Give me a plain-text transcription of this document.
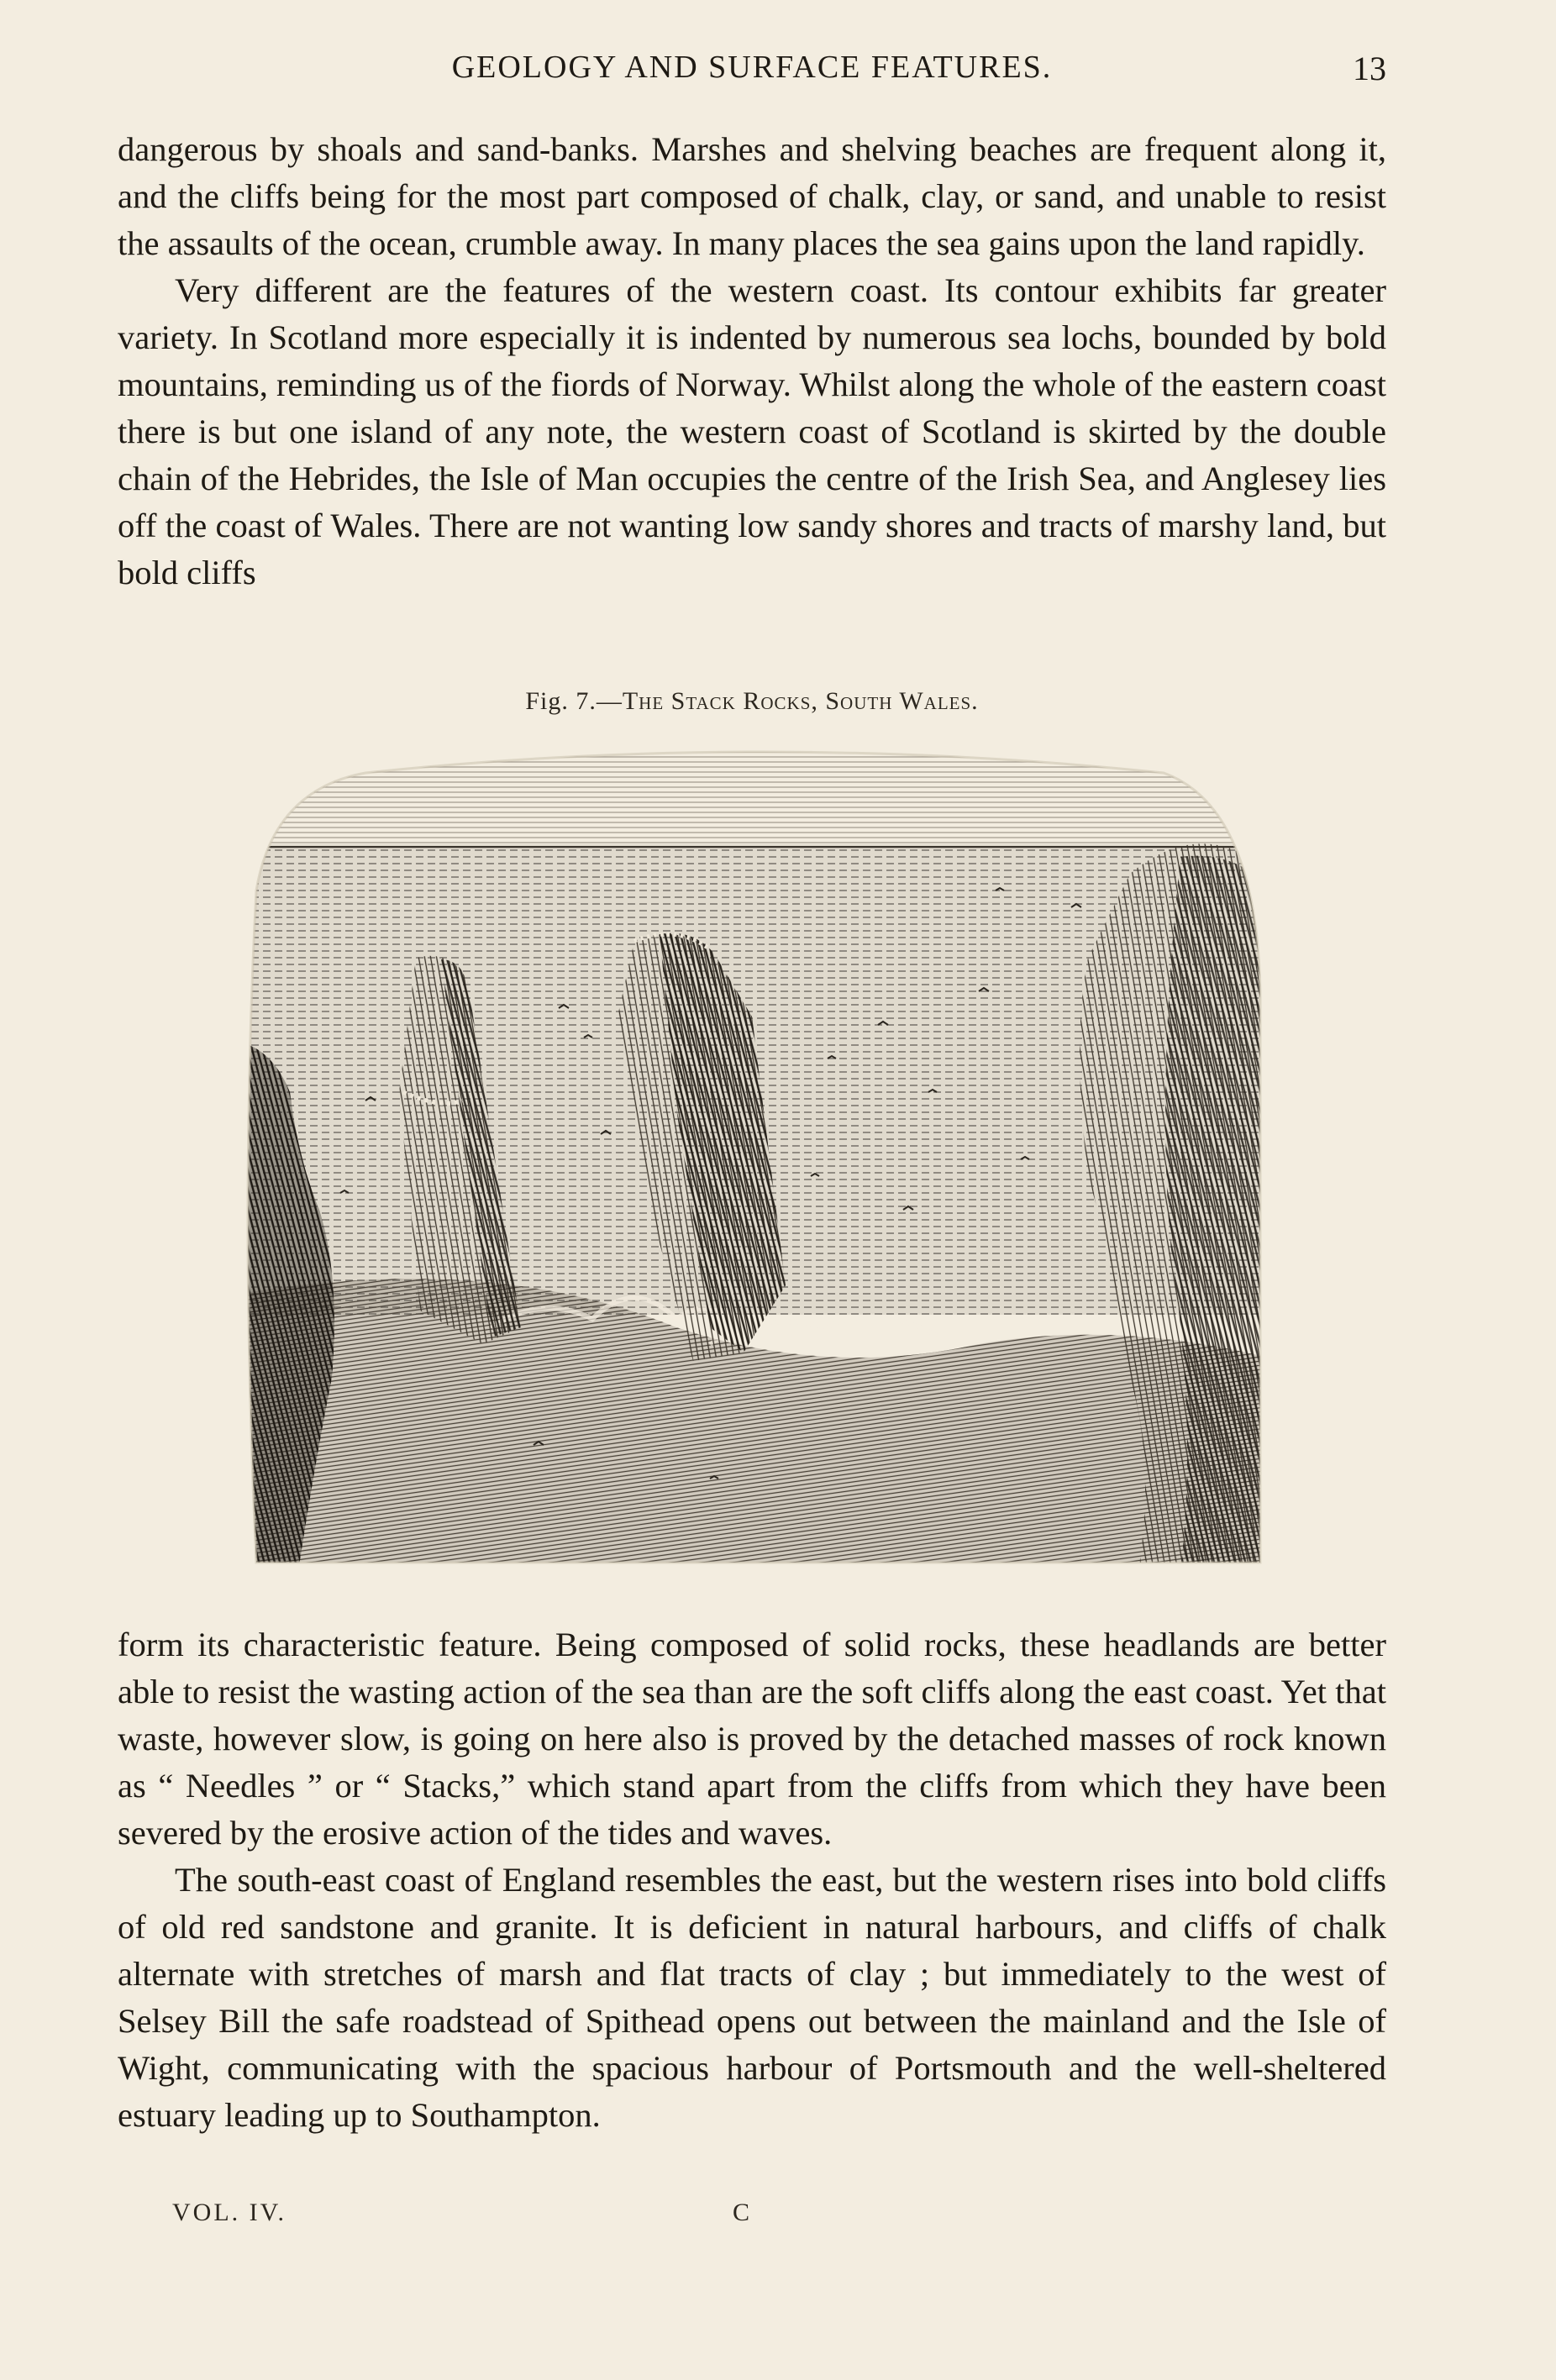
GEOLOGY AND SURFACE FEATURES.	13

dangerous by shoals and sand-banks. Marshes and shelving beaches are frequent along it, and the cliffs being for the most part composed of chalk, clay, or sand, and unable to resist the assaults of the ocean, crumble away. In many places the sea gains upon the land rapidly.

Very different are the features of the western coast. Its contour exhibits far greater variety. In Scotland more especially it is indented by numerous sea lochs, bounded by bold mountains, reminding us of the fiords of Norway. Whilst along the whole of the eastern coast there is but one island of any note, the western coast of Scotland is skirted by the double chain of the Hebrides, the Isle of Man occupies the centre of the Irish Sea, and Anglesey lies off the coast of Wales. There are not wanting low sandy shores and tracts of marshy land, but bold cliffs

Fig. 7.—The Stack Rocks, South Wales.

form its characteristic feature. Being composed of solid rocks, these headlands are better able to resist the wasting action of the sea than are the soft cliffs along the east coast. Yet that waste, however slow, is going on here also is proved by the detached masses of rock known as “ Needles ” or “ Stacks,” which stand apart from the cliffs from which they have been severed by the erosive action of the tides and waves.

The south-east coast of England resembles the east, but the western rises into bold cliffs of old red sandstone and granite. It is deficient in natural harbours, and cliffs of chalk alternate with stretches of marsh and flat tracts of clay ; but immediately to the west of Selsey Bill the safe roadstead of Spithead opens out between the mainland and the Isle of Wight, communicating with the spacious harbour of Portsmouth and the well-sheltered estuary leading up to Southampton.

VOL. IV.	C
